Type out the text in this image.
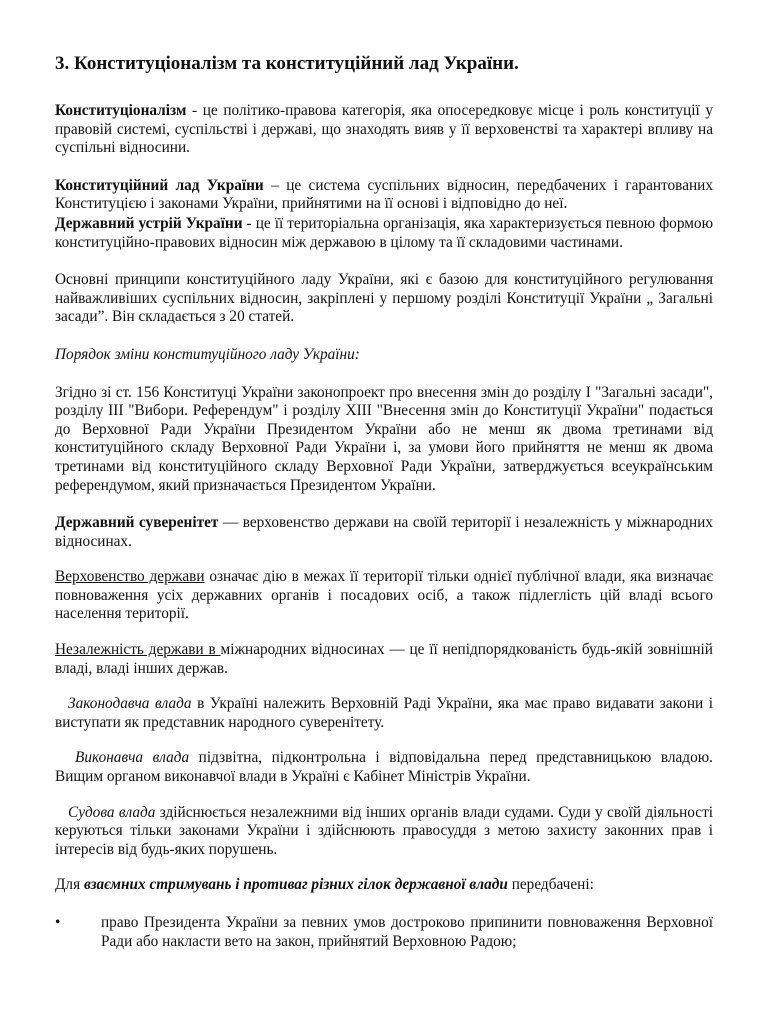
3. Конституціоналізм та конституційний лад України.

Конституціоналізм - це політико-правова категорія, яка опосередковує місце і роль конституції у правовій системі, суспільстві і державі, що знаходять вияв у її верховенстві та характері впливу на суспільні відносини.

Конституційний лад України – це система суспільних відносин, передбачених і гарантованих Конституцією і законами України, прийнятими на її основі і відповідно до неї.

Державний устрій України - це її територіальна організація, яка характеризується певною формою конституційно-правових відносин між державою в цілому та її складовими частинами.

Основні принципи конституційного ладу України, які є базою для конституційного регулювання найважливіших суспільних відносин, закріплені у першому розділі Конституції України „ Загальні засади”. Він складається з 20 статей.

Порядок зміни конституційного ладу України:

Згідно зі ст. 156 Конституці України законопроект про внесення змін до розділу I "Загальні засади", розділу III "Вибори. Референдум" і розділу XIII "Внесення змін до Конституції України" подається до Верховної Ради України Президентом України або не менш як двома третинами від конституційного складу Верховної Ради України і, за умови його прийняття не менш як двома третинами від конституційного складу Верховної Ради України, затверджується всеукраїнським референдумом, який призначається Президентом України.

Державний суверенітет — верховенство держави на своїй території і незалежність у міжнародних відносинах.

Верховенство держави означає дію в межах її території тільки однієї публічної влади, яка визначає повноваження усіх державних органів і посадових осіб, а також підлеглість цій владі всього населення території.

Незалежність держави в міжнародних відносинах — це її непідпорядкованість будь-якій зовнішній владі, владі інших держав.

Законодавча влада в Україні належить Верховній Раді України, яка має право видавати закони і виступати як представник народного суверенітету.

Виконавча влада підзвітна, підконтрольна і відповідальна перед представницькою владою. Вищим органом виконавчої влади в Україні є Кабінет Міністрів України.

Судова влада здійснюється незалежними від інших органів влади судами. Суди у своїй діяльності керуються тільки законами України і здійснюють правосуддя з метою захисту законних прав і інтересів від будь-яких порушень.

Для взаємних стримувань і противаг різних гілок державної влади передбачені:

•	право Президента України за певних умов достроково припинити повноваження Верховної Ради або накласти вето на закон, прийнятий Верховною Радою;
